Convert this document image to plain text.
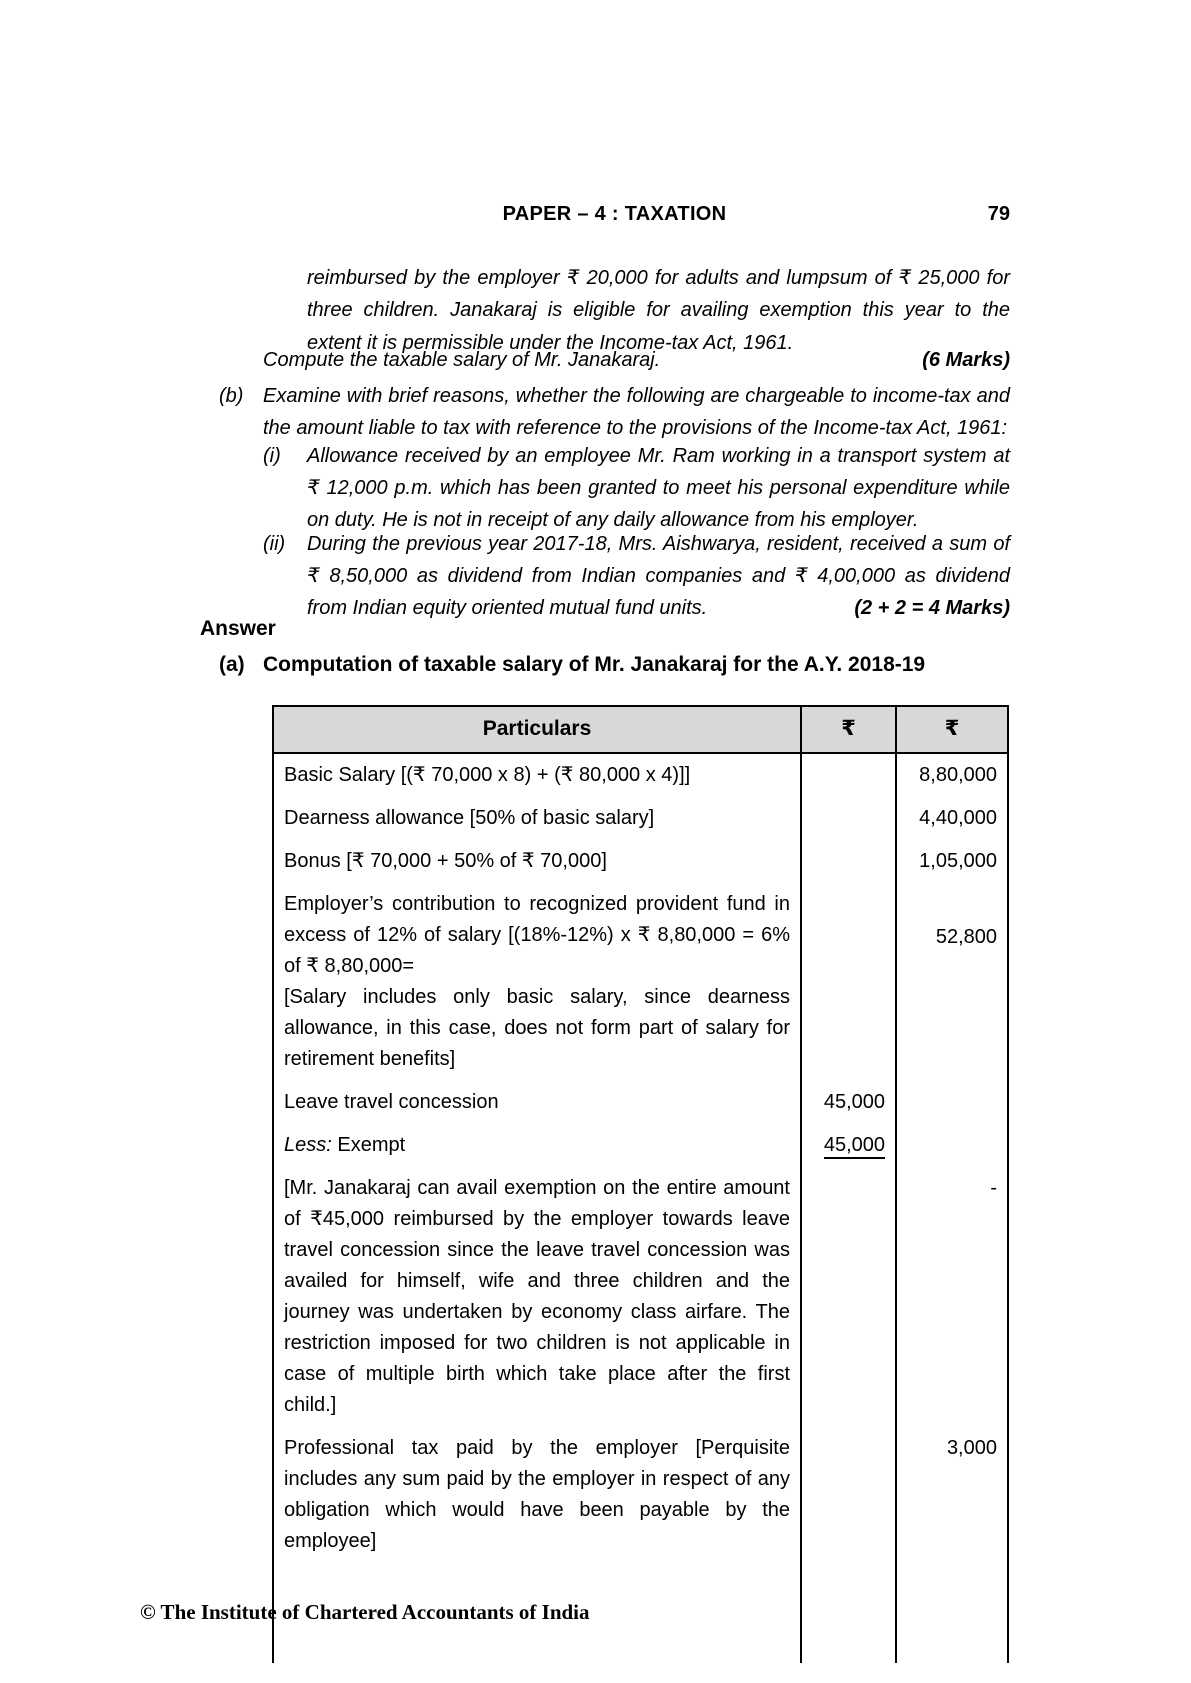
PAPER – 4 : TAXATION	79
reimbursed by the employer ₹ 20,000 for adults and lumpsum of ₹ 25,000 for three children. Janakaraj is eligible for availing exemption this year to the extent it is permissible under the Income-tax Act, 1961.
Compute the taxable salary of Mr. Janakaraj.	(6 Marks)
(b) Examine with brief reasons, whether the following are chargeable to income-tax and the amount liable to tax with reference to the provisions of the Income-tax Act, 1961:
(i)	Allowance received by an employee Mr. Ram working in a transport system at ₹ 12,000 p.m. which has been granted to meet his personal expenditure while on duty. He is not in receipt of any daily allowance from his employer.
(ii)	During the previous year 2017-18, Mrs. Aishwarya, resident, received a sum of ₹ 8,50,000 as dividend from Indian companies and ₹ 4,00,000 as dividend from Indian equity oriented mutual fund units.	(2 + 2 = 4 Marks)
Answer
(a) Computation of taxable salary of Mr. Janakaraj for the A.Y. 2018-19
Particulars	₹	₹
Basic Salary [(₹ 70,000 x 8) + (₹ 80,000 x 4)]]		8,80,000
Dearness allowance [50% of basic salary]		4,40,000
Bonus [₹ 70,000 + 50% of ₹ 70,000]		1,05,000

Employer’s contribution to recognized provident fund in excess of 12% of salary [(18%-12%) x ₹ 8,80,000 = 6% of ₹ 8,80,000=
[Salary includes only basic salary, since dearness allowance, in this case, does not form part of salary for retirement benefits]		52,800
Leave travel concession	45,000	
Less: Exempt	45,000	
[Mr. Janakaraj can avail exemption on the entire amount of ₹45,000 reimbursed by the employer towards leave travel concession since the leave travel concession was availed for himself, wife and three children and the journey was undertaken by economy class airfare. The restriction imposed for two children is not applicable in case of multiple birth which take place after the first child.]		-
Professional tax paid by the employer [Perquisite includes any sum paid by the employer in respect of any obligation which would have been payable by the employee]		3,000

© The Institute of Chartered Accountants of India
